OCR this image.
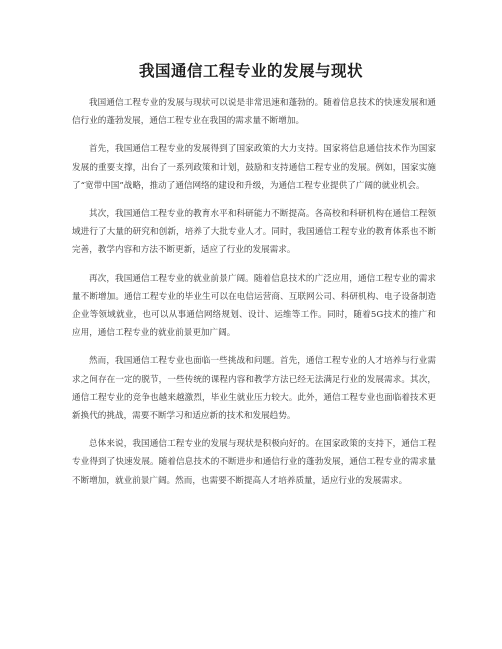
我国通信工程专业的发展与现状

我国通信工程专业的发展与现状可以说是非常迅速和蓬勃的。随着信息技术的快速发展和通信行业的蓬勃发展，通信工程专业在我国的需求量不断增加。

首先，我国通信工程专业的发展得到了国家政策的大力支持。国家将信息通信技术作为国家发展的重要支撑，出台了一系列政策和计划，鼓励和支持通信工程专业的发展。例如，国家实施了“宽带中国”战略，推动了通信网络的建设和升级，为通信工程专业提供了广阔的就业机会。

其次，我国通信工程专业的教育水平和科研能力不断提高。各高校和科研机构在通信工程领域进行了大量的研究和创新，培养了大批专业人才。同时，我国通信工程专业的教育体系也不断完善，教学内容和方法不断更新，适应了行业的发展需求。

再次，我国通信工程专业的就业前景广阔。随着信息技术的广泛应用，通信工程专业的需求量不断增加。通信工程专业的毕业生可以在电信运营商、互联网公司、科研机构、电子设备制造企业等领域就业，也可以从事通信网络规划、设计、运维等工作。同时，随着5G技术的推广和应用，通信工程专业的就业前景更加广阔。

然而，我国通信工程专业也面临一些挑战和问题。首先，通信工程专业的人才培养与行业需求之间存在一定的脱节，一些传统的课程内容和教学方法已经无法满足行业的发展需求。其次，通信工程专业的竞争也越来越激烈，毕业生就业压力较大。此外，通信工程专业也面临着技术更新换代的挑战，需要不断学习和适应新的技术和发展趋势。

总体来说，我国通信工程专业的发展与现状是积极向好的。在国家政策的支持下，通信工程专业得到了快速发展。随着信息技术的不断进步和通信行业的蓬勃发展，通信工程专业的需求量不断增加，就业前景广阔。然而，也需要不断提高人才培养质量，适应行业的发展需求。
